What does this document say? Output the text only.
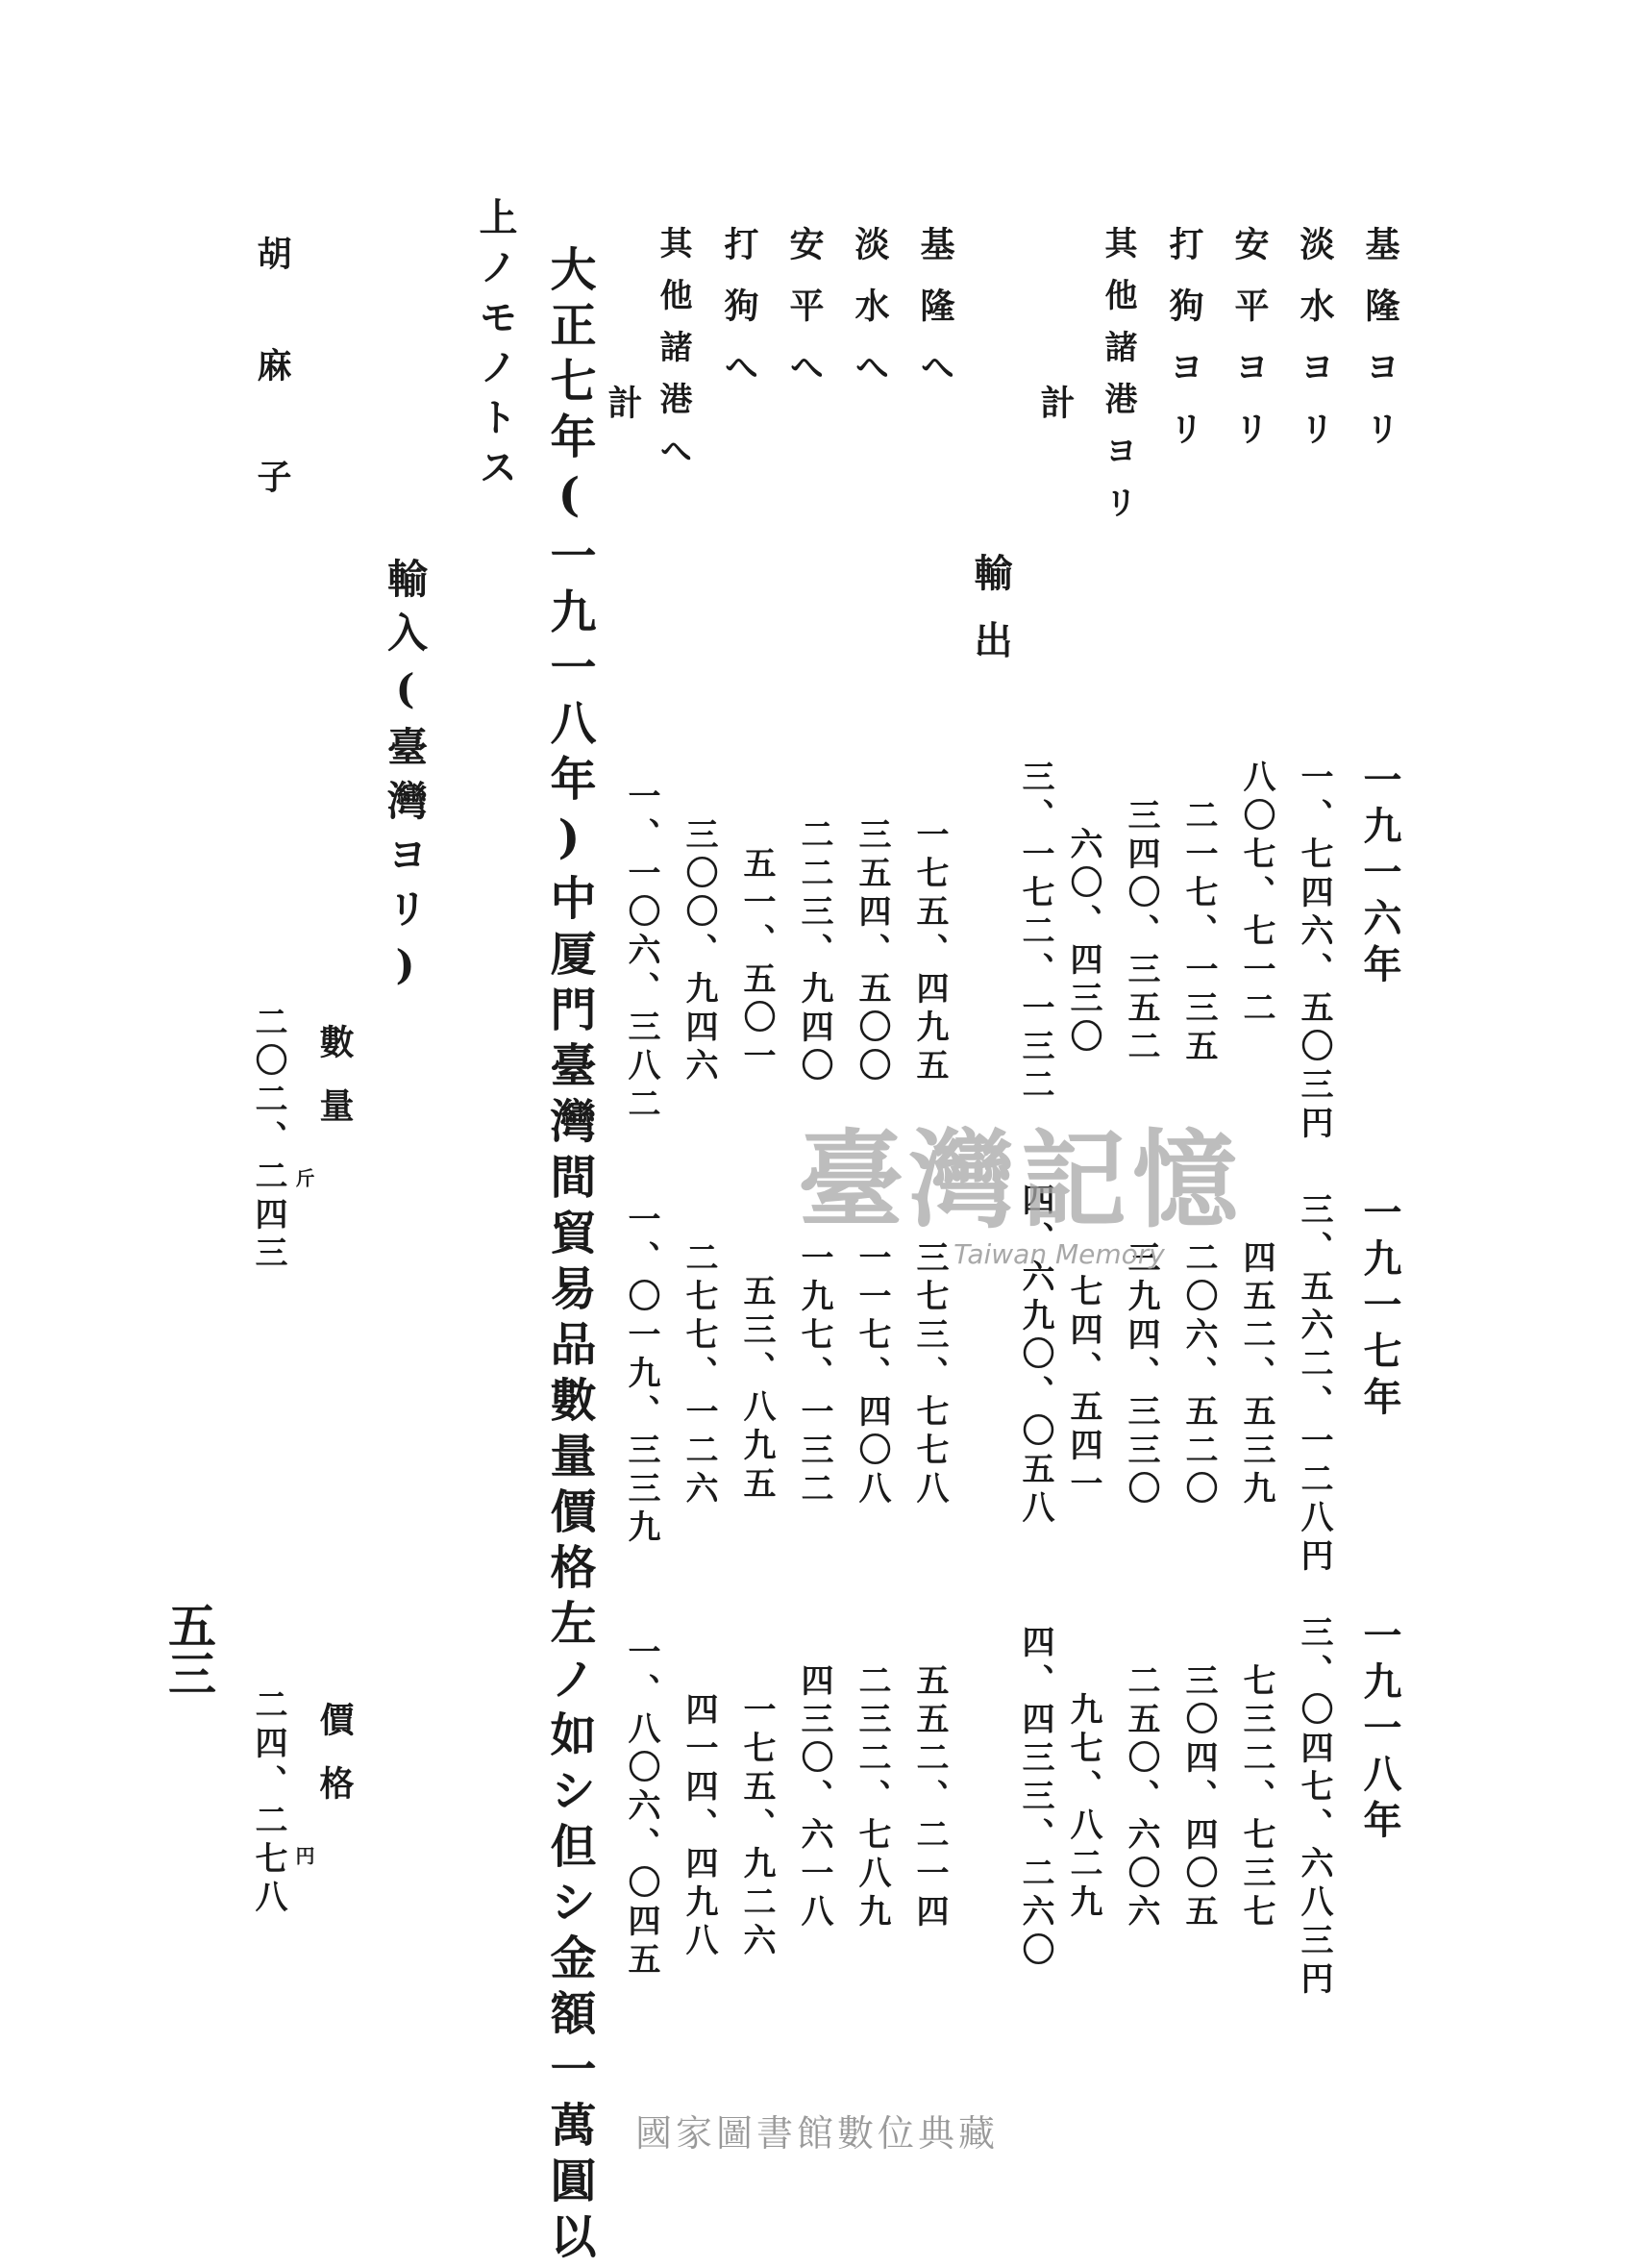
基隆ヨリ
淡水ヨリ
安平ヨリ
打狗ヨリ
其他諸港ヨリ
計
一九一六年
一九一七年
一九一八年
一、七四六、五〇三円
八〇七、七一二
二一七、一三五
三四〇、三五二
六〇、四三〇
三、一七二、一三二
三、五六二、一二八円
四五二、五三九
二〇六、五二〇
三九四、三三〇
七四、五四一
四、六九〇、〇五八
三、〇四七、六八三円
七三二、七三七
三〇四、四〇五
二五〇、六〇六
九七、八二九
四、四三三、二六〇
輸出
基隆へ
淡水へ
安平へ
打狗へ
其他諸港へ
計
一七五、四九五
三五四、五〇〇
二二三、九四〇
五一、五〇一
三〇〇、九四六
一、一〇六、三八二
三七三、七七八
一一七、四〇八
一九七、一三二
五三、八九五
二七七、一二六
一、〇一九、三三九
五五二、二一四
二三二、七八九
四三〇、六一八
一七五、九二六
四一四、四九八
一、八〇六、〇四五
大正七年(一九一八年)中厦門臺灣間貿易品數量價格左ノ如シ但シ金額一萬圓以
上ノモノトス
輸入(臺灣ヨリ)
數量
價格
胡麻子
二〇二、二四三 斤
二四、二七八 円
五三
臺灣記憶
Taiwan Memory
國家圖書館數位典藏
